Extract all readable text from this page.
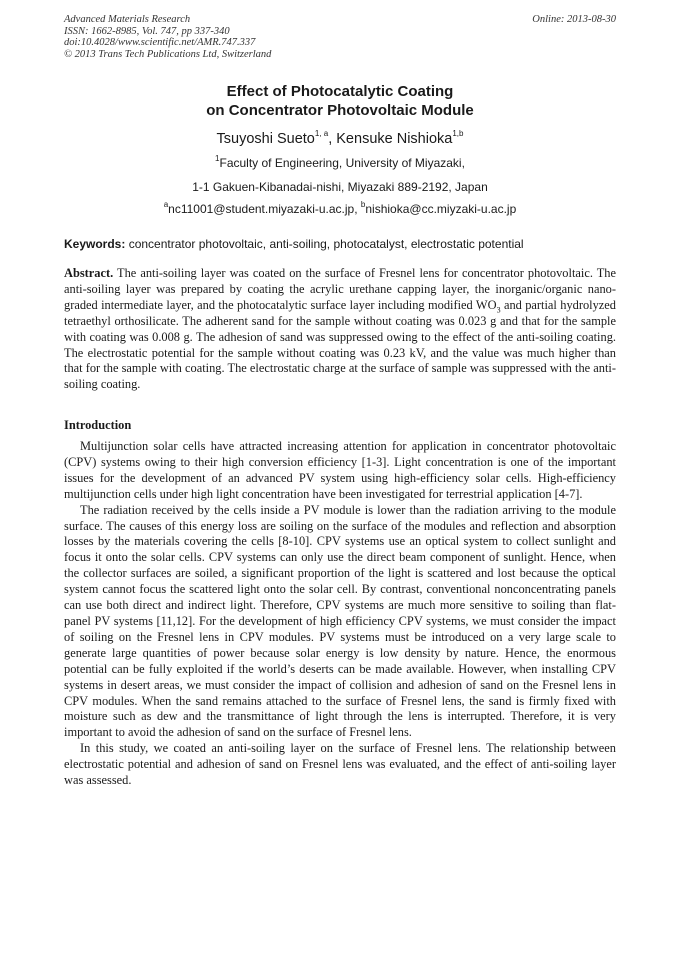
Advanced Materials Research
ISSN: 1662-8985, Vol. 747, pp 337-340
doi:10.4028/www.scientific.net/AMR.747.337
© 2013 Trans Tech Publications Ltd, Switzerland
Online: 2013-08-30
Effect of Photocatalytic Coating
on Concentrator Photovoltaic Module
Tsuyoshi Sueto$^{1, a}$, Kensuke Nishioka$^{1,b}$
$^1$Faculty of Engineering, University of Miyazaki,
1-1 Gakuen-Kibanadai-nishi, Miyazaki 889-2192, Japan
$^a$nc11001@student.miyazaki-u.ac.jp, $^b$nishioka@cc.miyzaki-u.ac.jp
Keywords: concentrator photovoltaic, anti-soiling, photocatalyst, electrostatic potential

Abstract. The anti-soiling layer was coated on the surface of Fresnel lens for concentrator photovoltaic. The anti-soiling layer was prepared by coating the acrylic urethane capping layer, the inorganic/organic nano-graded intermediate layer, and the photocatalytic surface layer including modified $WO_3$ and partial hydrolyzed tetraethyl orthosilicate. The adherent sand for the sample without coating was 0.023 g and that for the sample with coating was 0.008 g. The adhesion of sand was suppressed owing to the effect of the anti-soiling coating. The electrostatic potential for the sample without coating was 0.23 kV, and the value was much higher than that for the sample with coating. The electrostatic charge at the surface of sample was suppressed with the anti-soiling coating.

Introduction

Multijunction solar cells have attracted increasing attention for application in concentrator photovoltaic (CPV) systems owing to their high conversion efficiency [1-3]. Light concentration is one of the important issues for the development of an advanced PV system using high-efficiency solar cells. High-efficiency multijunction cells under high light concentration have been investigated for terrestrial application [4-7].

The radiation received by the cells inside a PV module is lower than the radiation arriving to the module surface. The causes of this energy loss are soiling on the surface of the modules and reflection and absorption losses by the materials covering the cells [8-10]. CPV systems use an optical system to collect sunlight and focus it onto the solar cells. CPV systems can only use the direct beam component of sunlight. Hence, when the collector surfaces are soiled, a significant proportion of the light is scattered and lost because the optical system cannot focus the scattered light onto the solar cell. By contrast, conventional nonconcentrating panels can use both direct and indirect light. Therefore, CPV systems are much more sensitive to soiling than flat-panel PV systems [11,12]. For the development of high efficiency CPV systems, we must consider the impact of soiling on the Fresnel lens in CPV modules. PV systems must be introduced on a very large scale to generate large quantities of power because solar energy is low density by nature. Hence, the enormous potential can be fully exploited if the world’s deserts can be made available. However, when installing CPV systems in desert areas, we must consider the impact of collision and adhesion of sand on the Fresnel lens in CPV modules. When the sand remains attached to the surface of Fresnel lens, the sand is firmly fixed with moisture such as dew and the transmittance of light through the lens is interrupted. Therefore, it is very important to avoid the adhesion of sand on the surface of Fresnel lens.

In this study, we coated an anti-soiling layer on the surface of Fresnel lens. The relationship between electrostatic potential and adhesion of sand on Fresnel lens was evaluated, and the effect of anti-soiling layer was assessed.
